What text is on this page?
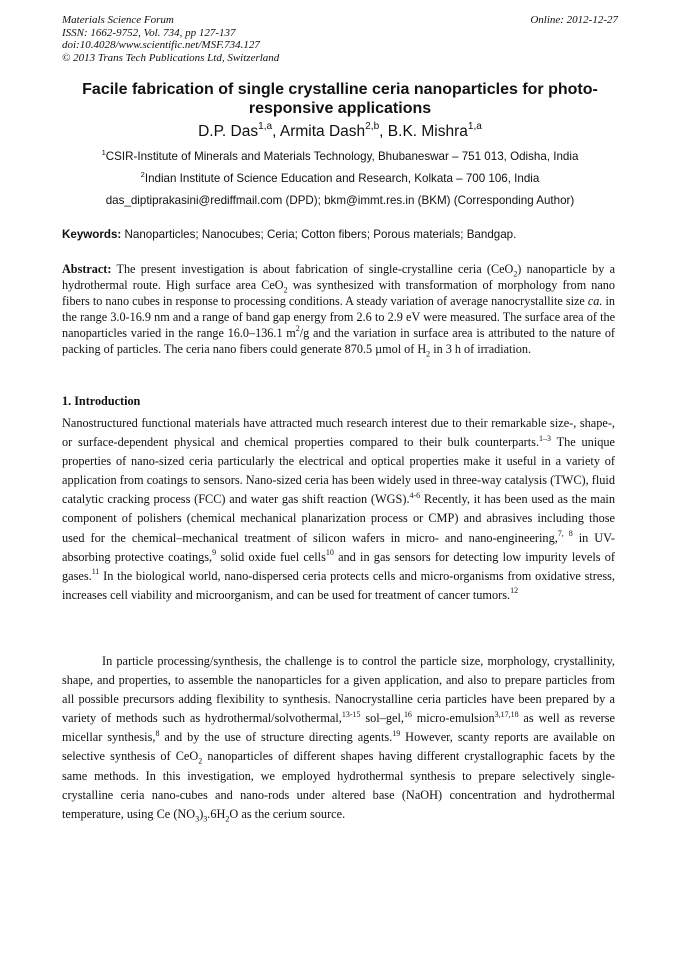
Materials Science Forum
ISSN: 1662-9752, Vol. 734, pp 127-137
doi:10.4028/www.scientific.net/MSF.734.127
© 2013 Trans Tech Publications Ltd, Switzerland
Online: 2012-12-27
Facile fabrication of single crystalline ceria nanoparticles for photo-responsive applications
D.P. Das$^{1,a}$, Armita Dash$^{2,b}$, B.K. Mishra$^{1,a}$
$^1$CSIR-Institute of Minerals and Materials Technology, Bhubaneswar – 751 013, Odisha, India
$^2$Indian Institute of Science Education and Research, Kolkata – 700 106, India
das_diptiprakasini@rediffmail.com (DPD); bkm@immt.res.in (BKM) (Corresponding Author)
Keywords: Nanoparticles; Nanocubes; Ceria; Cotton fibers; Porous materials; Bandgap.
Abstract: The present investigation is about fabrication of single-crystalline ceria (CeO$_2$) nanoparticle by a hydrothermal route. High surface area CeO$_2$ was synthesized with transformation of morphology from nano fibers to nano cubes in response to processing conditions. A steady variation of average nanocrystallite size ca. in the range 3.0-16.9 nm and a range of band gap energy from 2.6 to 2.9 eV were measured. The surface area of the nanoparticles varied in the range 16.0–136.1 $m^2/g$ and the variation in surface area is attributed to the nature of packing of particles. The ceria nano fibers could generate 870.5 µmol of $H_2$ in 3 h of irradiation.
1. Introduction
Nanostructured functional materials have attracted much research interest due to their remarkable size-, shape-, or surface-dependent physical and chemical properties compared to their bulk counterparts.$^{1-3}$ The unique properties of nano-sized ceria particularly the electrical and optical properties make it useful in a variety of application from coatings to sensors. Nano-sized ceria has been widely used in three-way catalysis (TWC), fluid catalytic cracking process (FCC) and water gas shift reaction (WGS).$^{4-6}$ Recently, it has been used as the main component of polishers (chemical mechanical planarization process or CMP) and abrasives including those used for the chemical–mechanical treatment of silicon wafers in micro- and nano-engineering,$^{7, 8}$ in UV-absorbing protective coatings,$^9$ solid oxide fuel cells$^{10}$ and in gas sensors for detecting low impurity levels of gases.$^{11}$ In the biological world, nano-dispersed ceria protects cells and micro-organisms from oxidative stress, increases cell viability and microorganism, and can be used for treatment of cancer tumors.$^{12}$
In particle processing/synthesis, the challenge is to control the particle size, morphology, crystallinity, shape, and properties, to assemble the nanoparticles for a given application, and also to prepare particles from all possible precursors adding flexibility to synthesis. Nanocrystalline ceria particles have been prepared by a variety of methods such as hydrothermal/solvothermal,$^{13-15}$ sol–gel,$^{16}$ micro-emulsion$^{3,17,18}$ as well as reverse micellar synthesis,$^8$ and by the use of structure directing agents.$^{19}$ However, scanty reports are available on selective synthesis of CeO$_2$ nanoparticles of different shapes having different crystallographic facets by the same methods. In this investigation, we employed hydrothermal synthesis to prepare selectively single-crystalline ceria nano-cubes and nano-rods under altered base (NaOH) concentration and hydrothermal temperature, using Ce $(NO_3)_3.6H_2O$ as the cerium source.
